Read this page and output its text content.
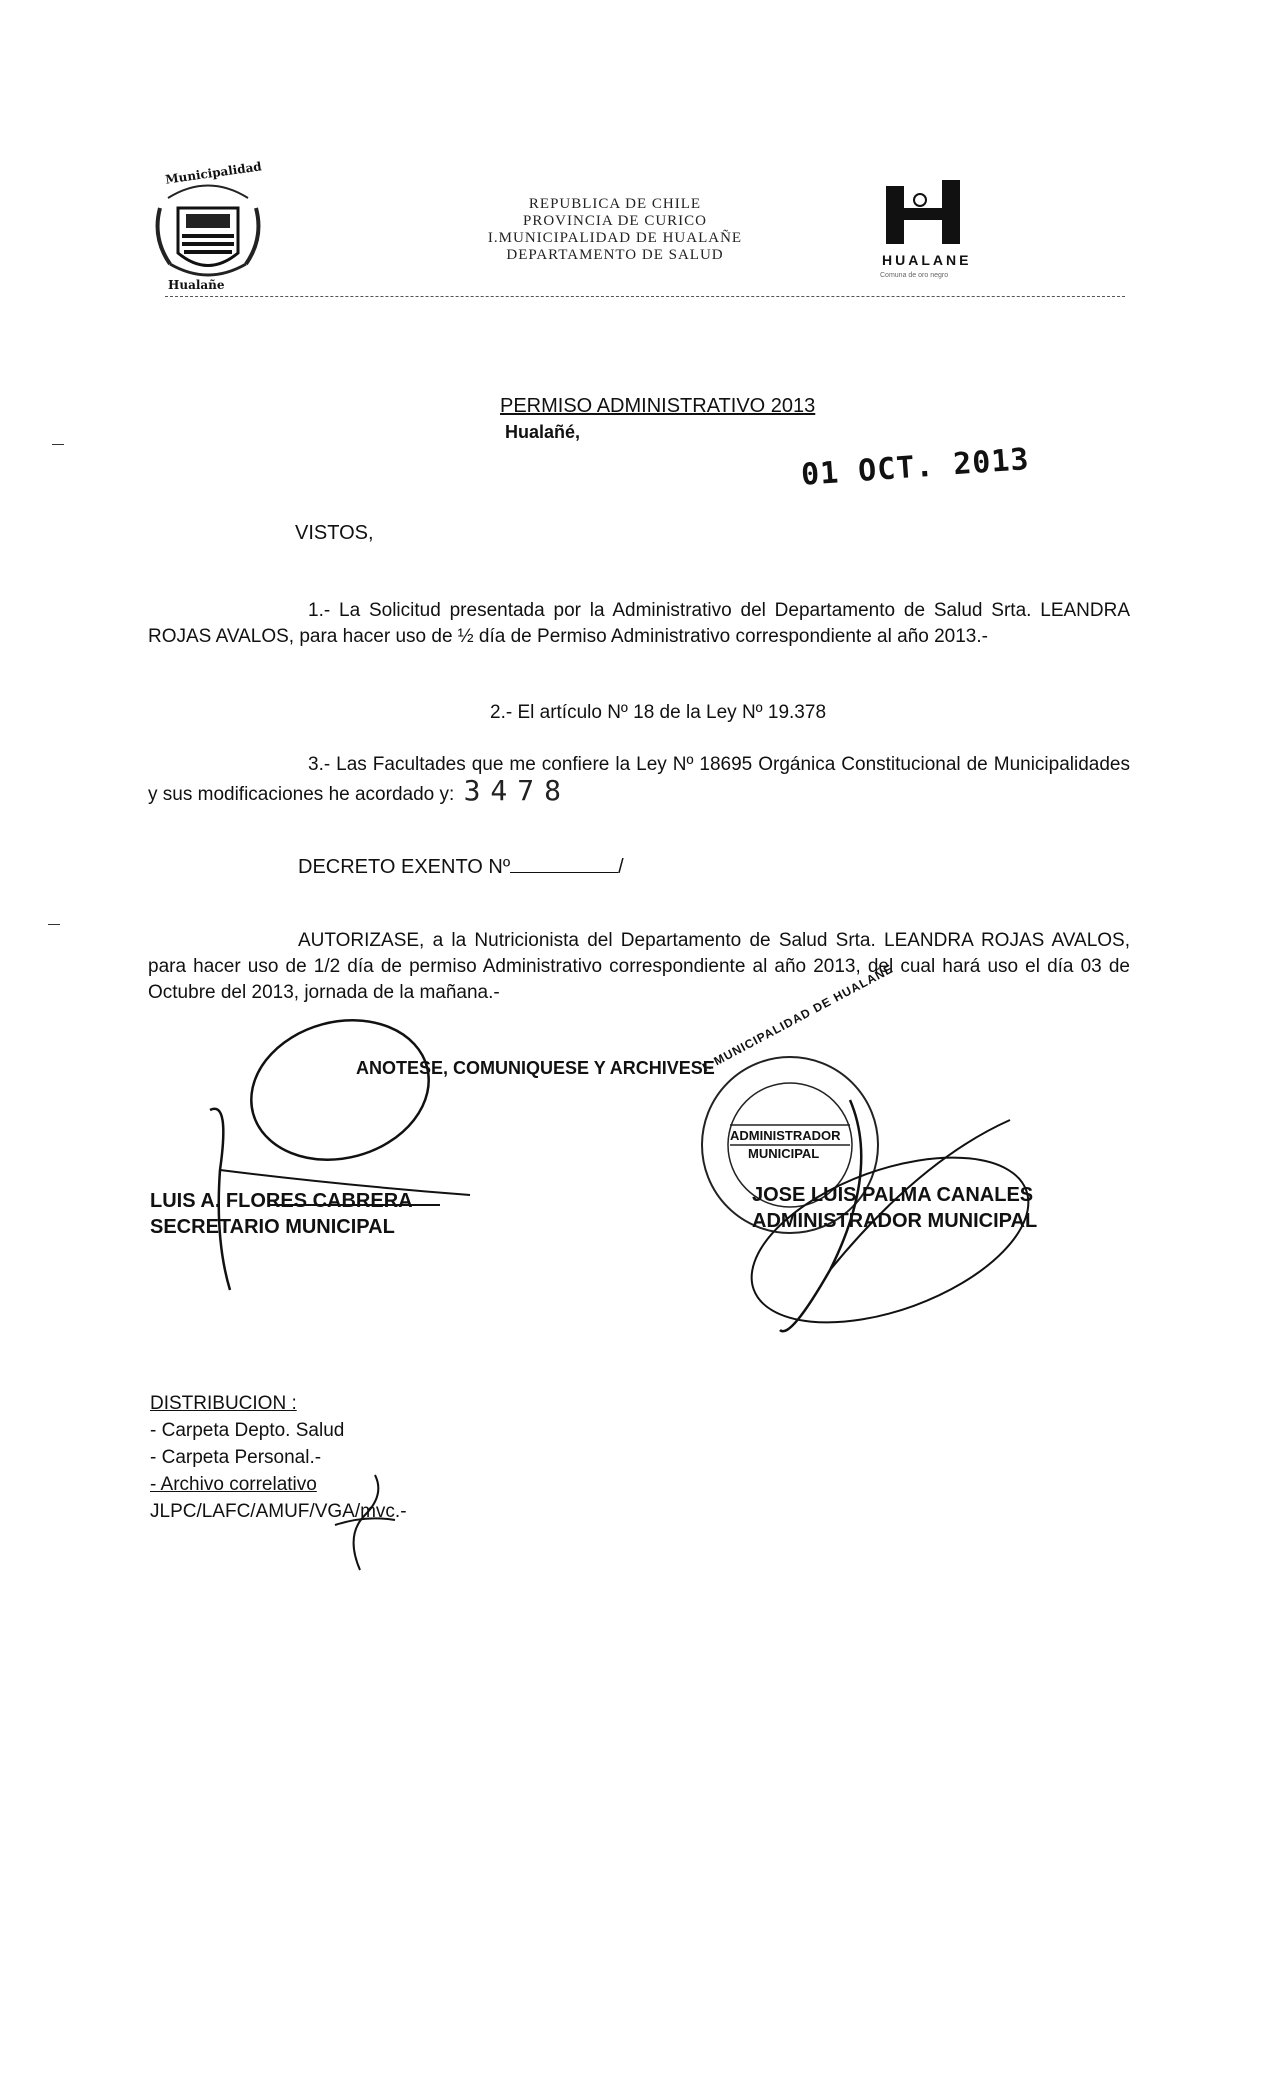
Municipalidad
Hualañe
REPUBLICA DE CHILE
PROVINCIA DE CURICO
I.MUNICIPALIDAD DE HUALAÑE
DEPARTAMENTO DE SALUD	HUALANE
Comuna de oro negro
PERMISO ADMINISTRATIVO 2013
Hualañé,
01 OCT. 2013
VISTOS,
1.- La Solicitud presentada por la Administrativo del Departamento de Salud Srta. LEANDRA ROJAS AVALOS, para hacer uso de ½ día de Permiso Administrativo correspondiente al año 2013.-
2.- El artículo Nº 18 de la Ley Nº 19.378
3.- Las Facultades que me confiere la Ley Nº 18695 Orgánica Constitucional de Municipalidades y sus modificaciones he acordado y: 3478
DECRETO EXENTO Nº	/
AUTORIZASE, a la Nutricionista del Departamento de Salud Srta. LEANDRA ROJAS AVALOS, para hacer uso de 1/2 día de permiso Administrativo correspondiente al año 2013, del cual hará uso el día 03 de Octubre del 2013, jornada de la mañana.-
ANOTESE, COMUNIQUESE Y ARCHIVESE
LUIS A. FLORES CABRERA
SECRETARIO MUNICIPAL
I. MUNICIPALIDAD DE HUALAÑE
ADMINISTRADOR
MUNICIPAL
JOSE LUIS PALMA CANALES
ADMINISTRADOR MUNICIPAL
DISTRIBUCION :
- Carpeta Depto. Salud
- Carpeta Personal.-
- Archivo correlativo
JLPC/LAFC/AMUF/VGA/mvc.-
